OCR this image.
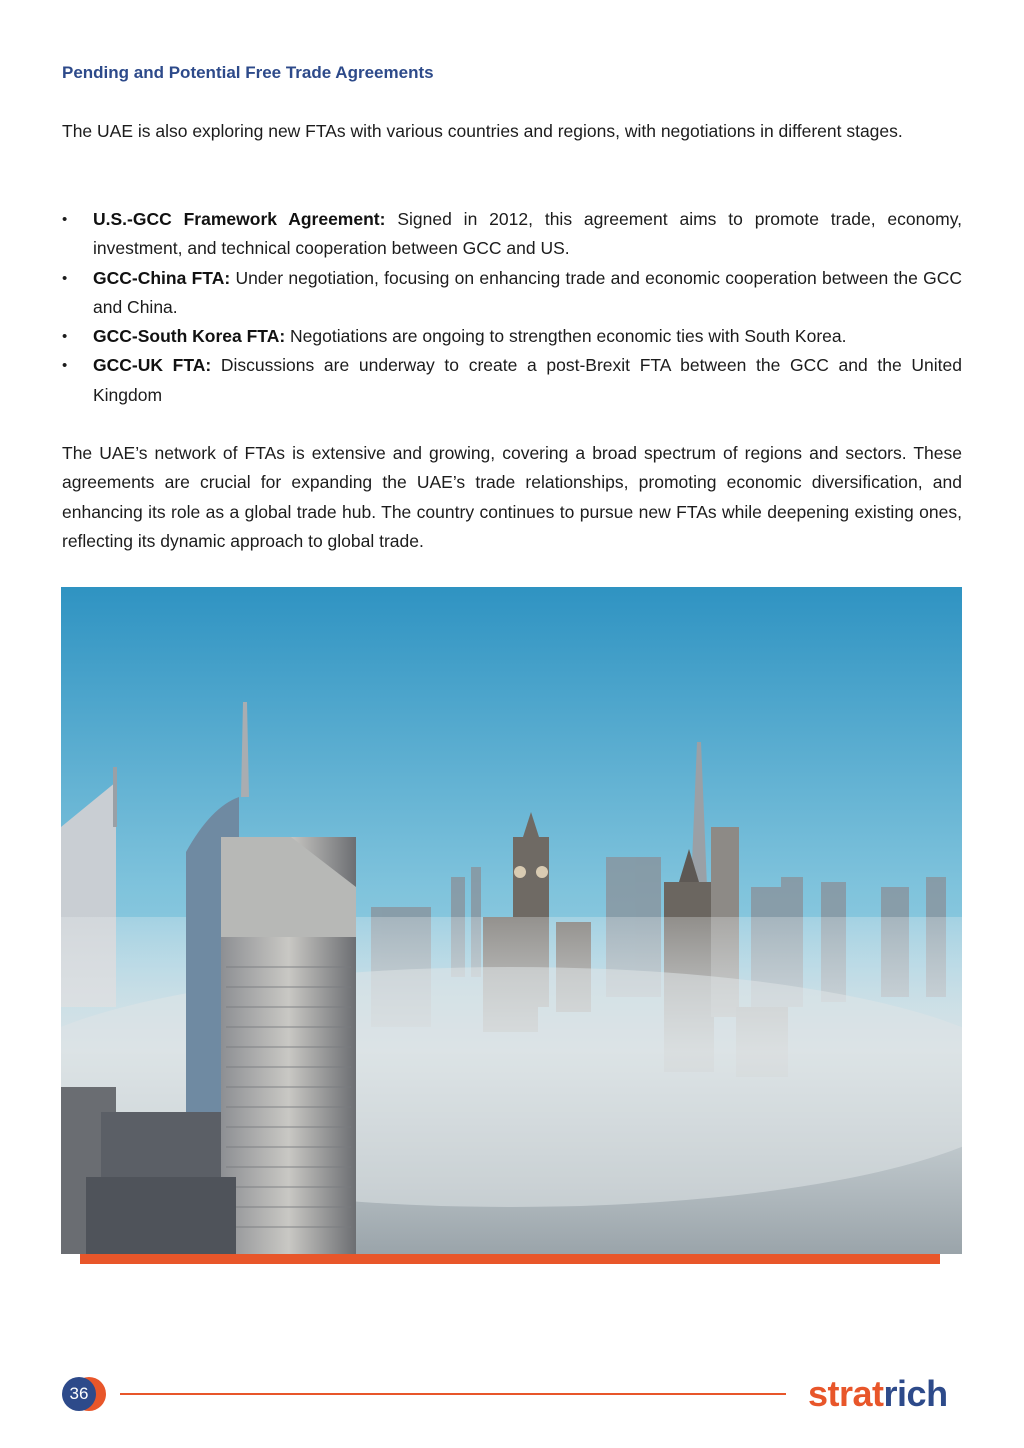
Pending and Potential Free Trade Agreements
The UAE is also exploring new FTAs with various countries and regions, with negotiations in different stages.
• U.S.-GCC Framework Agreement: Signed in 2012, this agreement aims to promote trade, economy, investment, and technical cooperation between GCC and US.
• GCC-China FTA: Under negotiation, focusing on enhancing trade and economic cooperation between the GCC and China.
• GCC-South Korea FTA: Negotiations are ongoing to strengthen economic ties with South Korea.
• GCC-UK FTA: Discussions are underway to create a post-Brexit FTA between the GCC and the United Kingdom
The UAE’s network of FTAs is extensive and growing, covering a broad spectrum of regions and sectors. These agreements are crucial for expanding the UAE’s trade relationships, promoting economic diversification, and enhancing its role as a global trade hub. The country continues to pursue new FTAs while deepening existing ones, reflecting its dynamic approach to global trade.
36	stratrich
